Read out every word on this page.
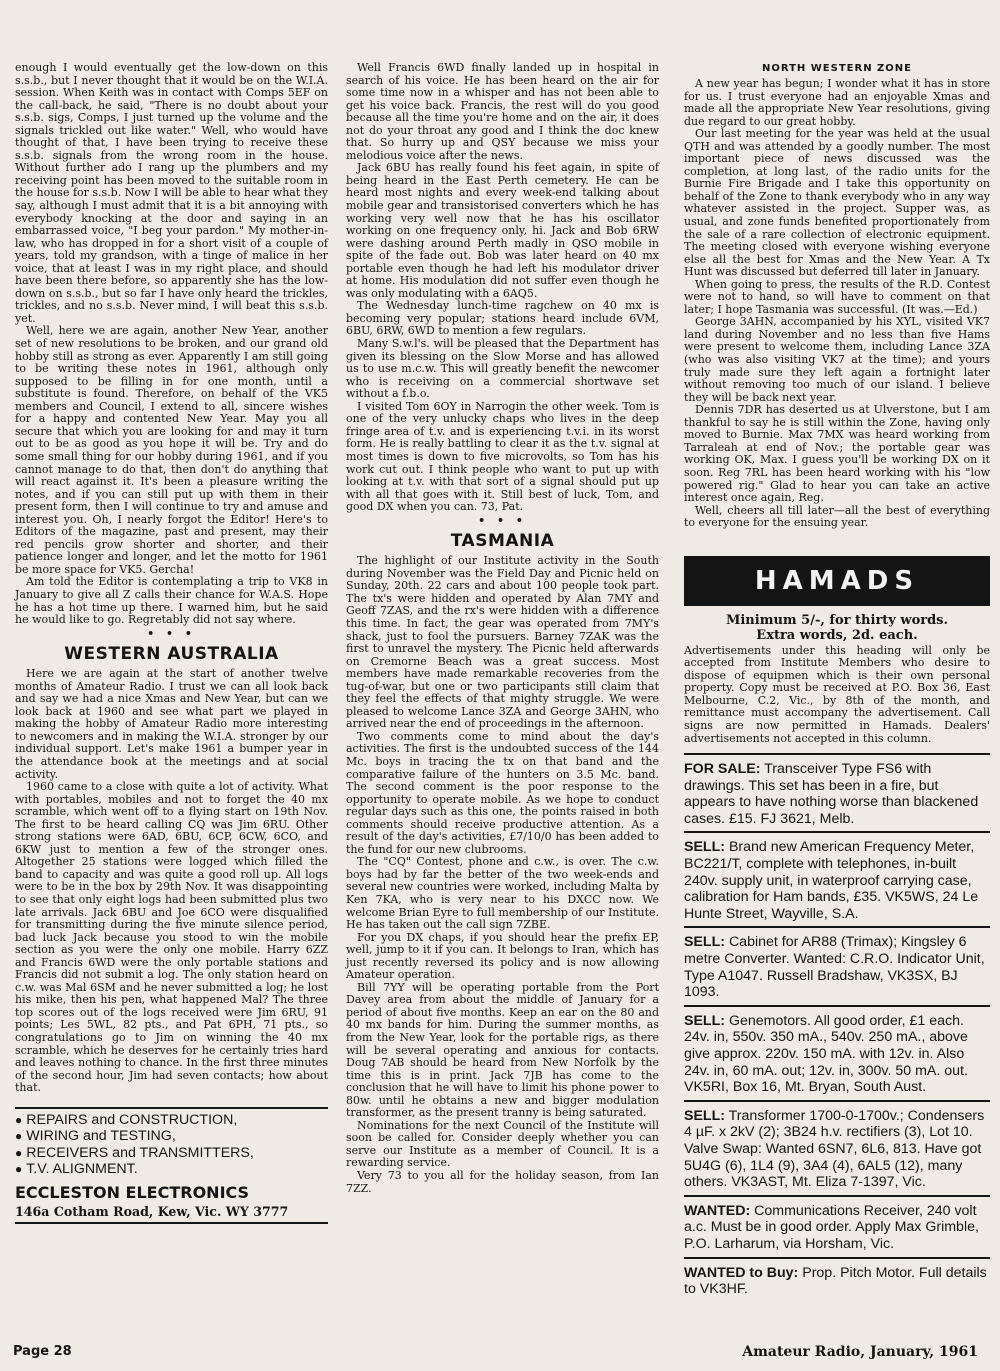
enough I would eventually get the low-down on this s.s.b., but I never thought that it would be on the W.I.A. session. When Keith was in contact with Comps 5EF on the call-back, he said, "There is no doubt about your s.s.b. sigs, Comps, I just turned up the volume and the signals trickled out like water." Well, who would have thought of that, I have been trying to receive these s.s.b. signals from the wrong room in the house. Without further ado I rang up the plumbers and my receiving point has been moved to the suitable room in the house for s.s.b. Now I will be able to hear what they say, although I must admit that it is a bit annoying with everybody knocking at the door and saying in an embarrassed voice, "I beg your pardon." My mother-in-law, who has dropped in for a short visit of a couple of years, told my grandson, with a tinge of malice in her voice, that at least I was in my right place, and should have been there before, so apparently she has the low-down on s.s.b., but so far I have only heard the trickles, trickles, and no s.s.b. Never mind, I will beat this s.s.b. yet.

Well, here we are again, another New Year, another set of new resolutions to be broken, and our grand old hobby still as strong as ever. Apparently I am still going to be writing these notes in 1961, although only supposed to be filling in for one month, until a substitute is found. Therefore, on behalf of the VK5 members and Council, I extend to all, sincere wishes for a happy and contented New Year. May you all secure that which you are looking for and may it turn out to be as good as you hope it will be. Try and do some small thing for our hobby during 1961, and if you cannot manage to do that, then don't do anything that will react against it. It's been a pleasure writing the notes, and if you can still put up with them in their present form, then I will continue to try and amuse and interest you. Oh, I nearly forgot the Editor! Here's to Editors of the magazine, past and present, may their red pencils grow shorter and shorter, and their patience longer and longer, and let the motto for 1961 be more space for VK5. Gercha!

Am told the Editor is contemplating a trip to VK8 in January to give all Z calls their chance for W.A.S. Hope he has a hot time up there. I warned him, but he said he would like to go. Regretably did not say where.

• • •
WESTERN AUSTRALIA

Here we are again at the start of another twelve months of Amateur Radio. I trust we can all look back and say we had a nice Xmas and New Year, but can we look back at 1960 and see what part we played in making the hobby of Amateur Radio more interesting to newcomers and in making the W.I.A. stronger by our individual support. Let's make 1961 a bumper year in the attendance book at the meetings and at social activity.

1960 came to a close with quite a lot of activity. What with portables, mobiles and not to forget the 40 mx scramble, which went off to a flying start on 19th Nov. The first to be heard calling CQ was Jim 6RU. Other strong stations were 6AD, 6BU, 6CP, 6CW, 6CO, and 6KW just to mention a few of the stronger ones. Altogether 25 stations were logged which filled the band to capacity and was quite a good roll up. All logs were to be in the box by 29th Nov. It was disappointing to see that only eight logs had been submitted plus two late arrivals. Jack 6BU and Joe 6CO were disqualified for transmitting during the five minute silence period, bad luck Jack because you stood to win the mobile section as you were the only one mobile. Harry 6ZZ and Francis 6WD were the only portable stations and Francis did not submit a log. The only station heard on c.w. was Mal 6SM and he never submitted a log; he lost his mike, then his pen, what happened Mal? The three top scores out of the logs received were Jim 6RU, 91 points; Les 5WL, 82 pts., and Pat 6PH, 71 pts., so congratulations go to Jim on winning the 40 mx scramble, which he deserves for he certainly tries hard and leaves nothing to chance. In the first three minutes of the second hour, Jim had seven contacts; how about that.

● REPAIRS and CONSTRUCTION,
● WIRING and TESTING,
● RECEIVERS and TRANSMITTERS,
● T.V. ALIGNMENT.
ECCLESTON ELECTRONICS
146a Cotham Road, Kew, Vic. WY 3777

Well Francis 6WD finally landed up in hospital in search of his voice. He has been heard on the air for some time now in a whisper and has not been able to get his voice back. Francis, the rest will do you good because all the time you're home and on the air, it does not do your throat any good and I think the doc knew that. So hurry up and QSY because we miss your melodious voice after the news.

Jack 6BU has really found his feet again, in spite of being heard in the East Perth cemetery. He can be heard most nights and every week-end talking about mobile gear and transistorised converters which he has working very well now that he has his oscillator working on one frequency only, hi. Jack and Bob 6RW were dashing around Perth madly in QSO mobile in spite of the fade out. Bob was later heard on 40 mx portable even though he had left his modulator driver at home. His modulation did not suffer even though he was only modulating with a 6AQ5.

The Wednesday lunch-time ragchew on 40 mx is becoming very popular; stations heard include 6VM, 6BU, 6RW, 6WD to mention a few regulars.

Many S.w.l's. will be pleased that the Department has given its blessing on the Slow Morse and has allowed us to use m.c.w. This will greatly benefit the newcomer who is receiving on a commercial shortwave set without a f.b.o.

I visited Tom 6OY in Narrogin the other week. Tom is one of the very unlucky chaps who lives in the deep fringe area of t.v. and is experiencing t.v.i. in its worst form. He is really battling to clear it as the t.v. signal at most times is down to five microvolts, so Tom has his work cut out. I think people who want to put up with looking at t.v. with that sort of a signal should put up with all that goes with it. Still best of luck, Tom, and good DX when you can. 73, Pat.

• • •
TASMANIA

The highlight of our Institute activity in the South during November was the Field Day and Picnic held on Sunday, 20th. 22 cars and about 100 people took part. The tx's were hidden and operated by Alan 7MY and Geoff 7ZAS, and the rx's were hidden with a difference this time. In fact, the gear was operated from 7MY's shack, just to fool the pursuers. Barney 7ZAK was the first to unravel the mystery. The Picnic held afterwards on Cremorne Beach was a great success. Most members have made remarkable recoveries from the tug-of-war, but one or two participants still claim that they feel the effects of that mighty struggle. We were pleased to welcome Lance 3ZA and George 3AHN, who arrived near the end of proceedings in the afternoon.

Two comments come to mind about the day's activities. The first is the undoubted success of the 144 Mc. boys in tracing the tx on that band and the comparative failure of the hunters on 3.5 Mc. band. The second comment is the poor response to the opportunity to operate mobile. As we hope to conduct regular days such as this one, the points raised in both comments should receive productive attention. As a result of the day's activities, £7/10/0 has been added to the fund for our new clubrooms.

The "CQ" Contest, phone and c.w., is over. The c.w. boys had by far the better of the two week-ends and several new countries were worked, including Malta by Ken 7KA, who is very near to his DXCC now. We welcome Brian Eyre to full membership of our Institute. He has taken out the call sign 7ZBE.

For you DX chaps, if you should hear the prefix EP, well, jump to it if you can. It belongs to Iran, which has just recently reversed its policy and is now allowing Amateur operation.

Bill 7YY will be operating portable from the Port Davey area from about the middle of January for a period of about five months. Keep an ear on the 80 and 40 mx bands for him. During the summer months, as from the New Year, look for the portable rigs, as there will be several operating and anxious for contacts. Doug 7AB should be heard from New Norfolk by the time this is in print. Jack 7JB has come to the conclusion that he will have to limit his phone power to 80w. until he obtains a new and bigger modulation transformer, as the present tranny is being saturated.

Nominations for the next Council of the Institute will soon be called for. Consider deeply whether you can serve our Institute as a member of Council. It is a rewarding service.

Very 73 to you all for the holiday season, from Ian 7ZZ.

NORTH WESTERN ZONE

A new year has begun; I wonder what it has in store for us. I trust everyone had an enjoyable Xmas and made all the appropriate New Year resolutions, giving due regard to our great hobby.

Our last meeting for the year was held at the usual QTH and was attended by a goodly number. The most important piece of news discussed was the completion, at long last, of the radio units for the Burnie Fire Brigade and I take this opportunity on behalf of the Zone to thank everybody who in any way whatever assisted in the project. Supper was, as usual, and zone funds benefited proportionately from the sale of a rare collection of electronic equipment. The meeting closed with everyone wishing everyone else all the best for Xmas and the New Year. A Tx Hunt was discussed but deferred till later in January.

When going to press, the results of the R.D. Contest were not to hand, so will have to comment on that later; I hope Tasmania was successful. (It was.—Ed.)

George 3AHN, accompanied by his XYL, visited VK7 land during November and no less than five Hams were present to welcome them, including Lance 3ZA (who was also visiting VK7 at the time); and yours truly made sure they left again a fortnight later without removing too much of our island. I believe they will be back next year.

Dennis 7DR has deserted us at Ulverstone, but I am thankful to say he is still within the Zone, having only moved to Burnie. Max 7MX was heard working from Tarraleah at end of Nov.; the portable gear was working OK, Max. I guess you'll be working DX on it soon. Reg 7RL has been heard working with his "low powered rig." Glad to hear you can take an active interest once again, Reg.

Well, cheers all till later—all the best of everything to everyone for the ensuing year.

HAMADS
Minimum 5/-, for thirty words.
Extra words, 2d. each.
Advertisements under this heading will only be accepted from Institute Members who desire to dispose of equipmen which is their own personal property. Copy must be received at P.O. Box 36, East Melbourne, C.2, Vic., by 8th of the month, and remittance must accompany the advertisement. Call signs are now permitted in Hamads. Dealers' advertisements not accepted in this column.
FOR SALE: Transceiver Type FS6 with drawings. This set has been in a fire, but appears to have nothing worse than blackened cases. £15. FJ 3621, Melb.
SELL: Brand new American Frequency Meter, BC221/T, complete with telephones, in-built 240v. supply unit, in waterproof carrying case, calibration for Ham bands, £35. VK5WS, 24 Le Hunte Street, Wayville, S.A.
SELL: Cabinet for AR88 (Trimax); Kingsley 6 metre Converter. Wanted: C.R.O. Indicator Unit, Type A1047. Russell Bradshaw, VK3SX, BJ 1093.
SELL: Genemotors. All good order, £1 each. 24v. in, 550v. 350 mA., 540v. 250 mA., above give approx. 220v. 150 mA. with 12v. in. Also 24v. in, 60 mA. out; 12v. in, 300v. 50 mA. out. VK5RI, Box 16, Mt. Bryan, South Aust.
SELL: Transformer 1700-0-1700v.; Condensers 4 µF. x 2kV (2); 3B24 h.v. rectifiers (3), Lot 10. Valve Swap: Wanted 6SN7, 6L6, 813. Have got 5U4G (6), 1L4 (9), 3A4 (4), 6AL5 (12), many others. VK3AST, Mt. Eliza 7-1397, Vic.
WANTED: Communications Receiver, 240 volt a.c. Must be in good order. Apply Max Grimble, P.O. Larharum, via Horsham, Vic.
WANTED to Buy: Prop. Pitch Motor. Full details to VK3HF.
Page 28	Amateur Radio, January, 1961
